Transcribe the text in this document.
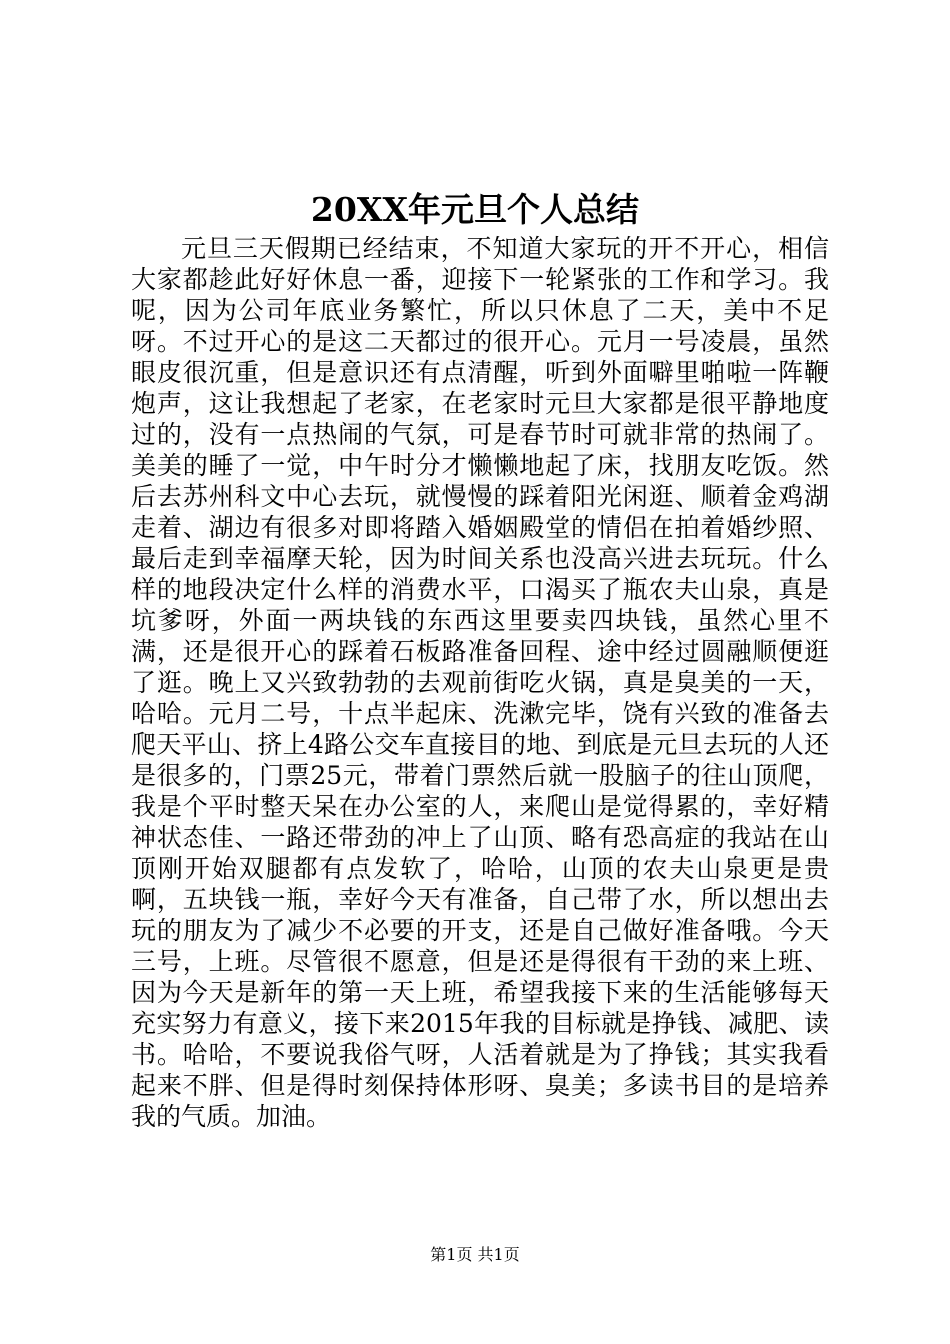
20XX年元旦个人总结

元旦三天假期已经结束，不知道大家玩的开不开心，相信大家都趁此好好休息一番，迎接下一轮紧张的工作和学习。我呢，因为公司年底业务繁忙，所以只休息了二天，美中不足呀。不过开心的是这二天都过的很开心。元月一号凌晨，虽然眼皮很沉重，但是意识还有点清醒，听到外面噼里啪啦一阵鞭炮声，这让我想起了老家，在老家时元旦大家都是很平静地度过的，没有一点热闹的气氛，可是春节时可就非常的热闹了。美美的睡了一觉，中午时分才懒懒地起了床，找朋友吃饭。然后去苏州科文中心去玩，就慢慢的踩着阳光闲逛、顺着金鸡湖走着、湖边有很多对即将踏入婚姻殿堂的情侣在拍着婚纱照、最后走到幸福摩天轮，因为时间关系也没高兴进去玩玩。什么样的地段决定什么样的消费水平，口渴买了瓶农夫山泉，真是坑爹呀，外面一两块钱的东西这里要卖四块钱，虽然心里不满，还是很开心的踩着石板路准备回程、途中经过圆融顺便逛了逛。晚上又兴致勃勃的去观前街吃火锅，真是臭美的一天，哈哈。元月二号，十点半起床、洗漱完毕，饶有兴致的准备去爬天平山、挤上4路公交车直接目的地、到底是元旦去玩的人还是很多的，门票25元，带着门票然后就一股脑子的往山顶爬，我是个平时整天呆在办公室的人，来爬山是觉得累的，幸好精神状态佳、一路还带劲的冲上了山顶、略有恐高症的我站在山顶刚开始双腿都有点发软了，哈哈，山顶的农夫山泉更是贵啊，五块钱一瓶，幸好今天有准备，自己带了水，所以想出去玩的朋友为了减少不必要的开支，还是自己做好准备哦。今天三号，上班。尽管很不愿意，但是还是得很有干劲的来上班、因为今天是新年的第一天上班，希望我接下来的生活能够每天充实努力有意义，接下来2015年我的目标就是挣钱、减肥、读书。哈哈，不要说我俗气呀，人活着就是为了挣钱；其实我看起来不胖、但是得时刻保持体形呀、臭美；多读书目的是培养我的气质。加油。

第1页 共1页
